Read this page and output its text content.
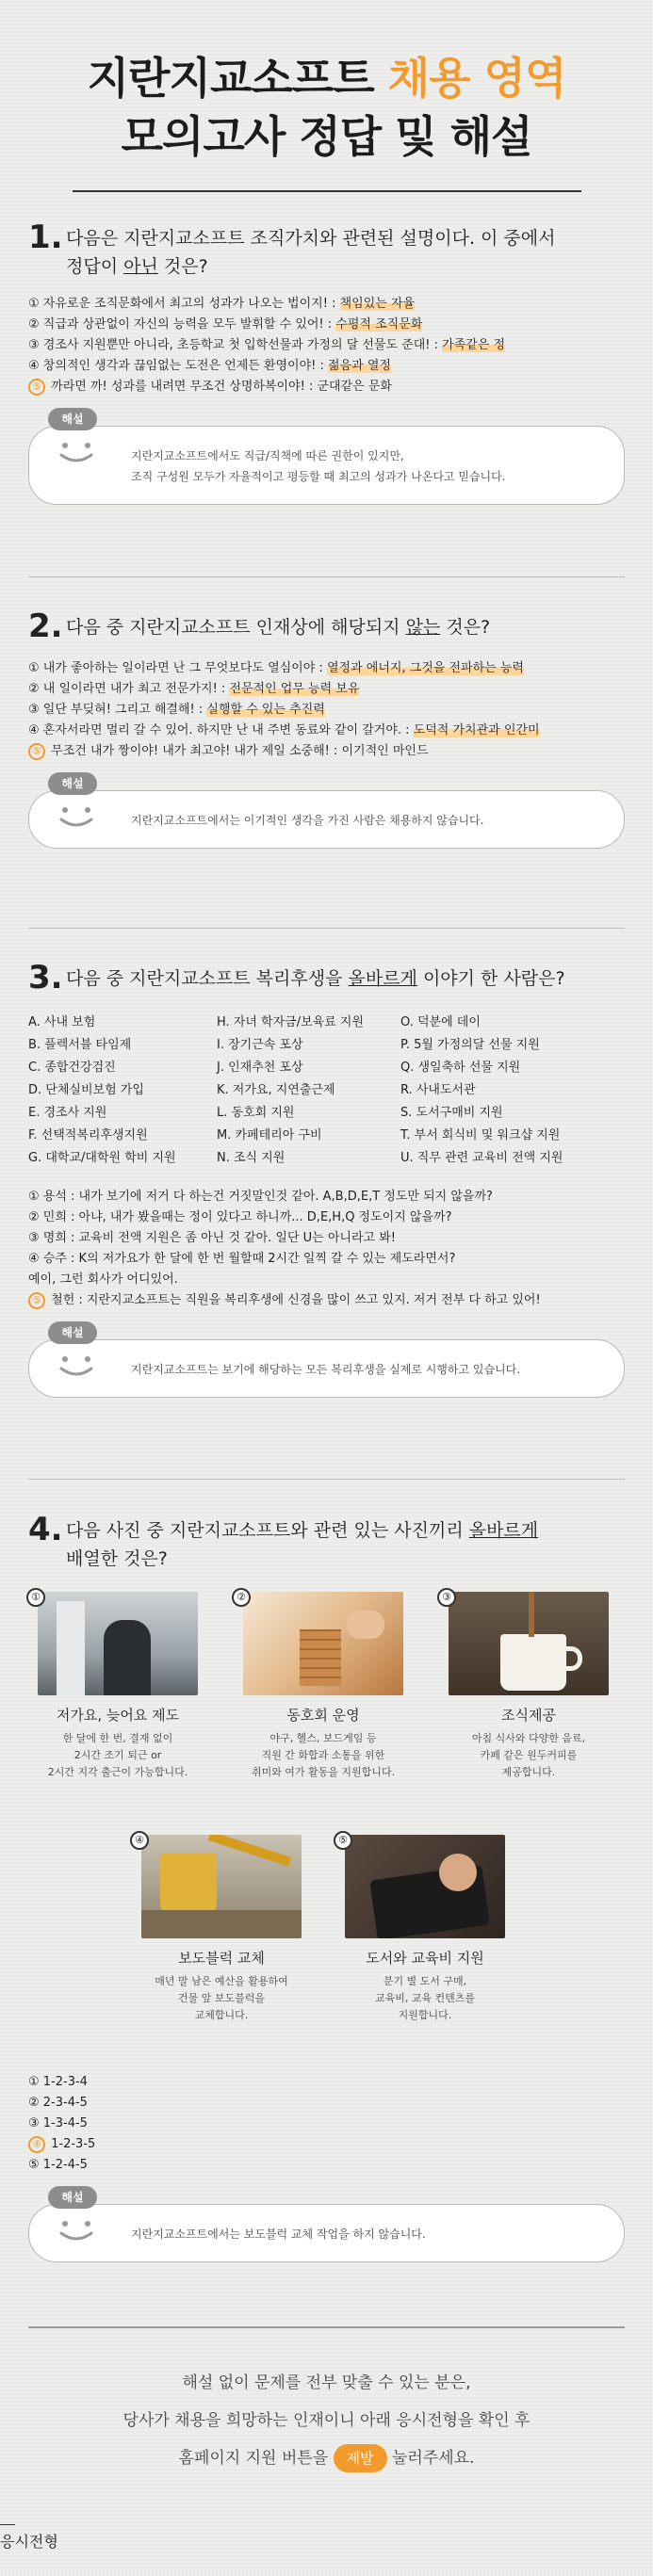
지란지교소프트 채용 영역
모의고사 정답 및 해설
1. 다음은 지란지교소프트 조직가치와 관련된 설명이다. 이 중에서
정답이 아닌 것은?
① 자유로운 조직문화에서 최고의 성과가 나오는 법이지! : 책임있는 자율
② 직급과 상관없이 자신의 능력을 모두 발휘할 수 있어! : 수평적 조직문화
③ 경조사 지원뿐만 아니라, 초등학교 첫 입학선물과 가정의 달 선물도 준대! : 가족같은 정
④ 창의적인 생각과 끊임없는 도전은 언제든 환영이야! : 젊음과 열정
⑤ 까라면 까! 성과를 내려면 무조건 상명하복이야! : 군대같은 문화
해설
지란지교소프트에서도 직급/직책에 따른 권한이 있지만,
조직 구성원 모두가 자율적이고 평등할 때 최고의 성과가 나온다고 믿습니다.
2. 다음 중 지란지교소프트 인재상에 해당되지 않는 것은?
① 내가 좋아하는 일이라면 난 그 무엇보다도 열심이야 : 열정과 에너지, 그것을 전파하는 능력
② 내 일이라면 내가 최고 전문가지! : 전문적인 업무 능력 보유
③ 일단 부딪혀! 그리고 해결해! : 실행할 수 있는 추진력
④ 혼자서라면 멀리 갈 수 있어. 하지만 난 내 주변 동료와 같이 갈거야. : 도덕적 가치관과 인간미
⑤ 무조건 내가 짱이야! 내가 최고야! 내가 제일 소중해! : 이기적인 마인드
해설
지란지교소프트에서는 이기적인 생각을 가진 사람은 채용하지 않습니다.
3. 다음 중 지란지교소프트 복리후생을 올바르게 이야기 한 사람은?
A. 사내 보험
B. 플렉서블 타임제
C. 종합건강검진
D. 단체실비보험 가입
E. 경조사 지원
F. 선택적복리후생지원
G. 대학교/대학원 학비 지원
H. 자녀 학자금/보육료 지원
I. 장기근속 포상
J. 인재추천 포상
K. 저가요, 지연출근제
L. 동호회 지원
M. 카페테리아 구비
N. 조식 지원
O. 덕분에 데이
P. 5월 가정의달 선물 지원
Q. 생일축하 선물 지원
R. 사내도서관
S. 도서구매비 지원
T. 부서 회식비 및 워크샵 지원
U. 직무 관련 교육비 전액 지원
① 용석 : 내가 보기에 저거 다 하는건 거짓말인것 같아. A,B,D,E,T 정도만 되지 않을까?
② 민희 : 아냐, 내가 봤을때는 정이 있다고 하니까... D,E,H,Q 정도이지 않을까?
③ 명희 : 교육비 전액 지원은 좀 아닌 것 같아. 일단 U는 아니라고 봐!
④ 승주 : K의 저가요가 한 달에 한 번 월할때 2시간 일찍 갈 수 있는 제도라면서?
예이, 그런 회사가 어디있어.
⑤ 철헌 : 지란지교소프트는 직원을 복리후생에 신경을 많이 쓰고 있지. 저거 전부 다 하고 있어!
해설
지란지교소프트는 보기에 해당하는 모든 복리후생을 실제로 시행하고 있습니다.
4. 다음 사진 중 지란지교소프트와 관련 있는 사진끼리 올바르게
배열한 것은?
①
저가요, 늦어요 제도
한 달에 한 번, 결재 없이
2시간 조기 퇴근 or
2시간 지각 출근이 가능합니다.
②
동호회 운영
야구, 헬스, 보드게임 등
직원 간 화합과 소통을 위한
취미와 여가 활동을 지원합니다.
③
조식제공
아침 식사와 다양한 음료,
카페 같은 원두커피를
제공합니다.
④
보도블럭 교체
매년 말 남은 예산을 활용하여
건물 앞 보도블럭을
교체합니다.
⑤
도서와 교육비 지원
분기 별 도서 구매,
교육비, 교육 컨텐츠를
지원합니다.
① 1-2-3-4
② 2-3-4-5
③ 1-3-4-5
④ 1-2-3-5
⑤ 1-2-4-5
해설
지란지교소프트에서는 보도블럭 교체 작업을 하지 않습니다.
해설 없이 문제를 전부 맞출 수 있는 분은,
당사가 채용을 희망하는 인재이니 아래 응시전형을 확인 후
홈페이지 지원 버튼을 제발 눌러주세요.
응시전형
